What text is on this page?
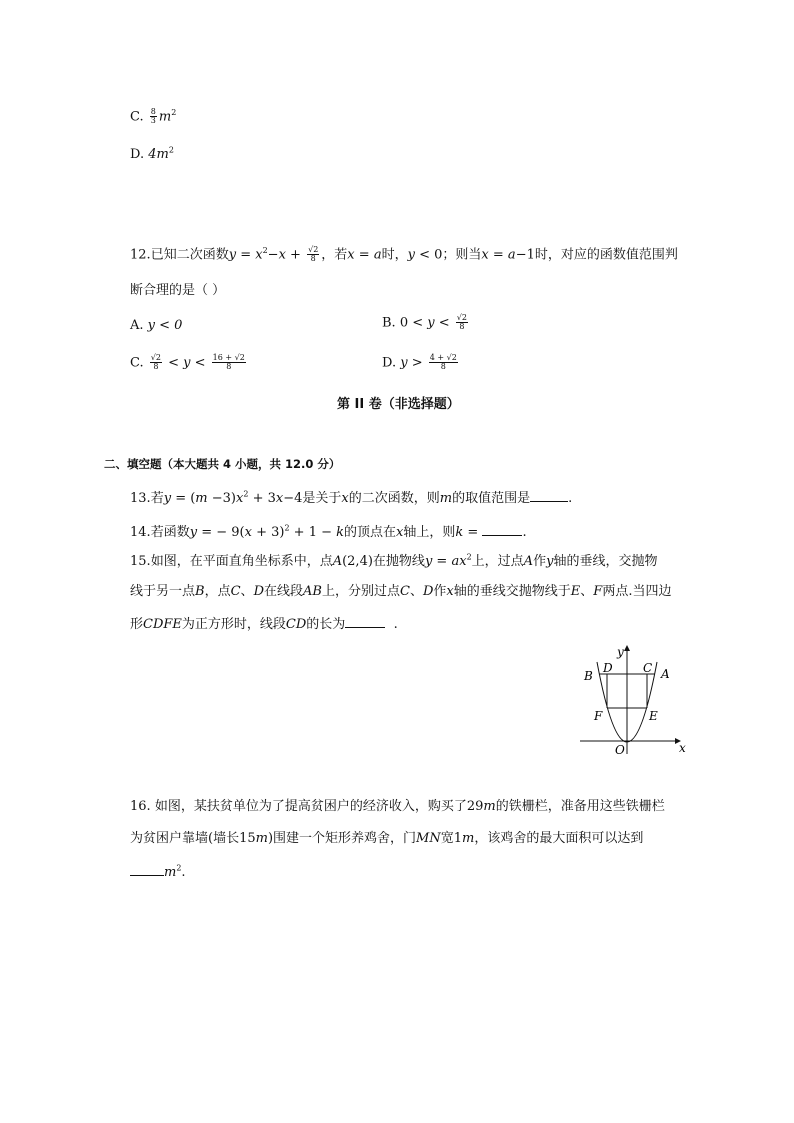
C. $\frac{8}{3} m^2$
D. $4m^2$
12.已知二次函数$y = x^2-x + \frac{√2}{8}$ ，若x = a时，y < 0；则当x = a−1时，对应的函数值范围判
断合理的是（ ）
A. y < 0	B. $0 < y < \frac{√2}{8}$
C. $\frac{√2}{8} < y < \frac{16 + √2}{8}$	D. $y > \frac{4 + √2}{8}$
第 II 卷（非选择题）
二、填空题（本大题共 4 小题，共 12.0 分）
13.若$y = (m -3)x^2 + 3x-4$是关于x的二次函数，则m的取值范围是	.
14.若函数y = − $9(x + 3)^2 + 1 - k$的顶点在x轴上，则k =	.
15.如图，在平面直角坐标系中，点A(2,4)在抛物线$y = ax^2$上，过点A作y轴的垂线，交抛物
线于另一点B，点C、D在线段AB上，分别过点C、D作x轴的垂线交抛物线于E、F两点.当四边
形CDFE为正方形时，线段CD的长为	.
y
x
D	C A
B
F	E
O
16. 如图，某扶贫单位为了提高贫困户的经济收入，购买了29m的铁栅栏，准备用这些铁栅栏
为贫困户靠墙(墙长15m)围建一个矩形养鸡舍，门MN宽1m，该鸡舍的最大面积可以达到
$m^2$.
